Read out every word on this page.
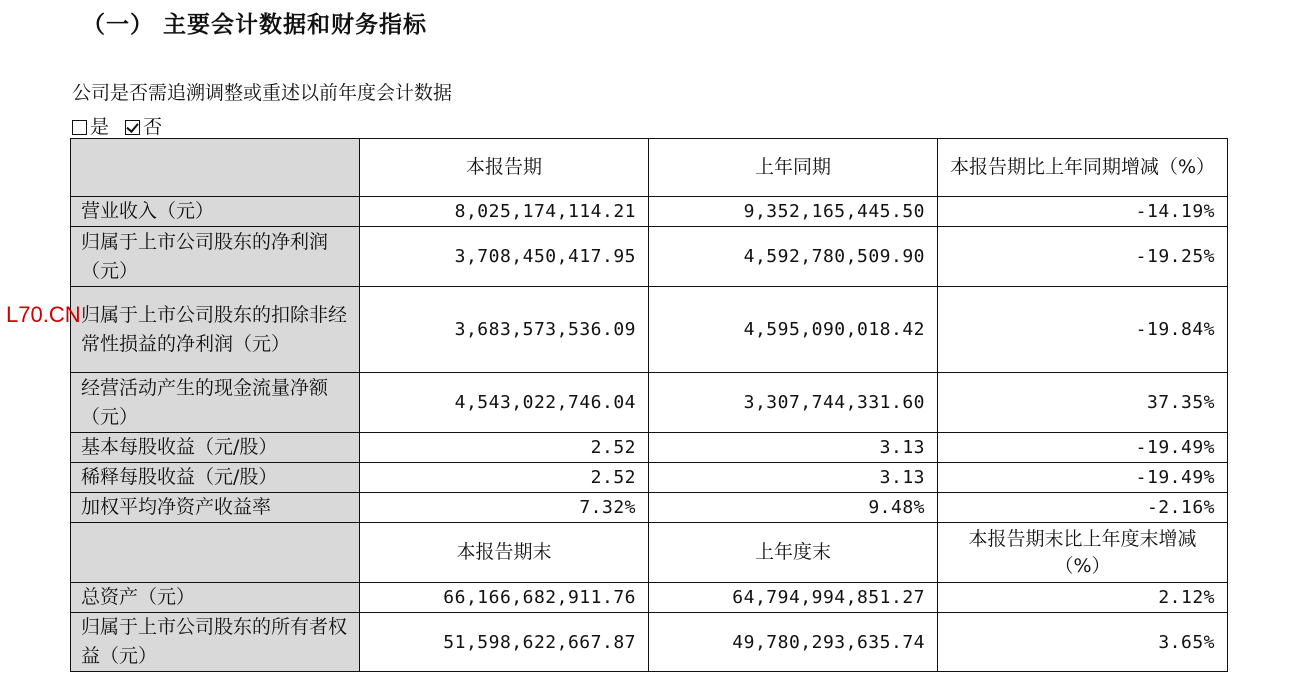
（一） 主要会计数据和财务指标
公司是否需追溯调整或重述以前年度会计数据
是 否
L70.CN
	本报告期	上年同期	本报告期比上年同期增减（%）
营业收入（元）	8,025,174,114.21	9,352,165,445.50	-14.19%
归属于上市公司股东的净利润（元）	3,708,450,417.95	4,592,780,509.90	-19.25%
归属于上市公司股东的扣除非经常性损益的净利润（元）	3,683,573,536.09	4,595,090,018.42	-19.84%
经营活动产生的现金流量净额（元）	4,543,022,746.04	3,307,744,331.60	37.35%
基本每股收益（元/股）	2.52	3.13	-19.49%
稀释每股收益（元/股）	2.52	3.13	-19.49%
加权平均净资产收益率	7.32%	9.48%	-2.16%
	本报告期末	上年度末	本报告期末比上年度末增减（%）
总资产（元）	66,166,682,911.76	64,794,994,851.27	2.12%
归属于上市公司股东的所有者权益（元）	51,598,622,667.87	49,780,293,635.74	3.65%
